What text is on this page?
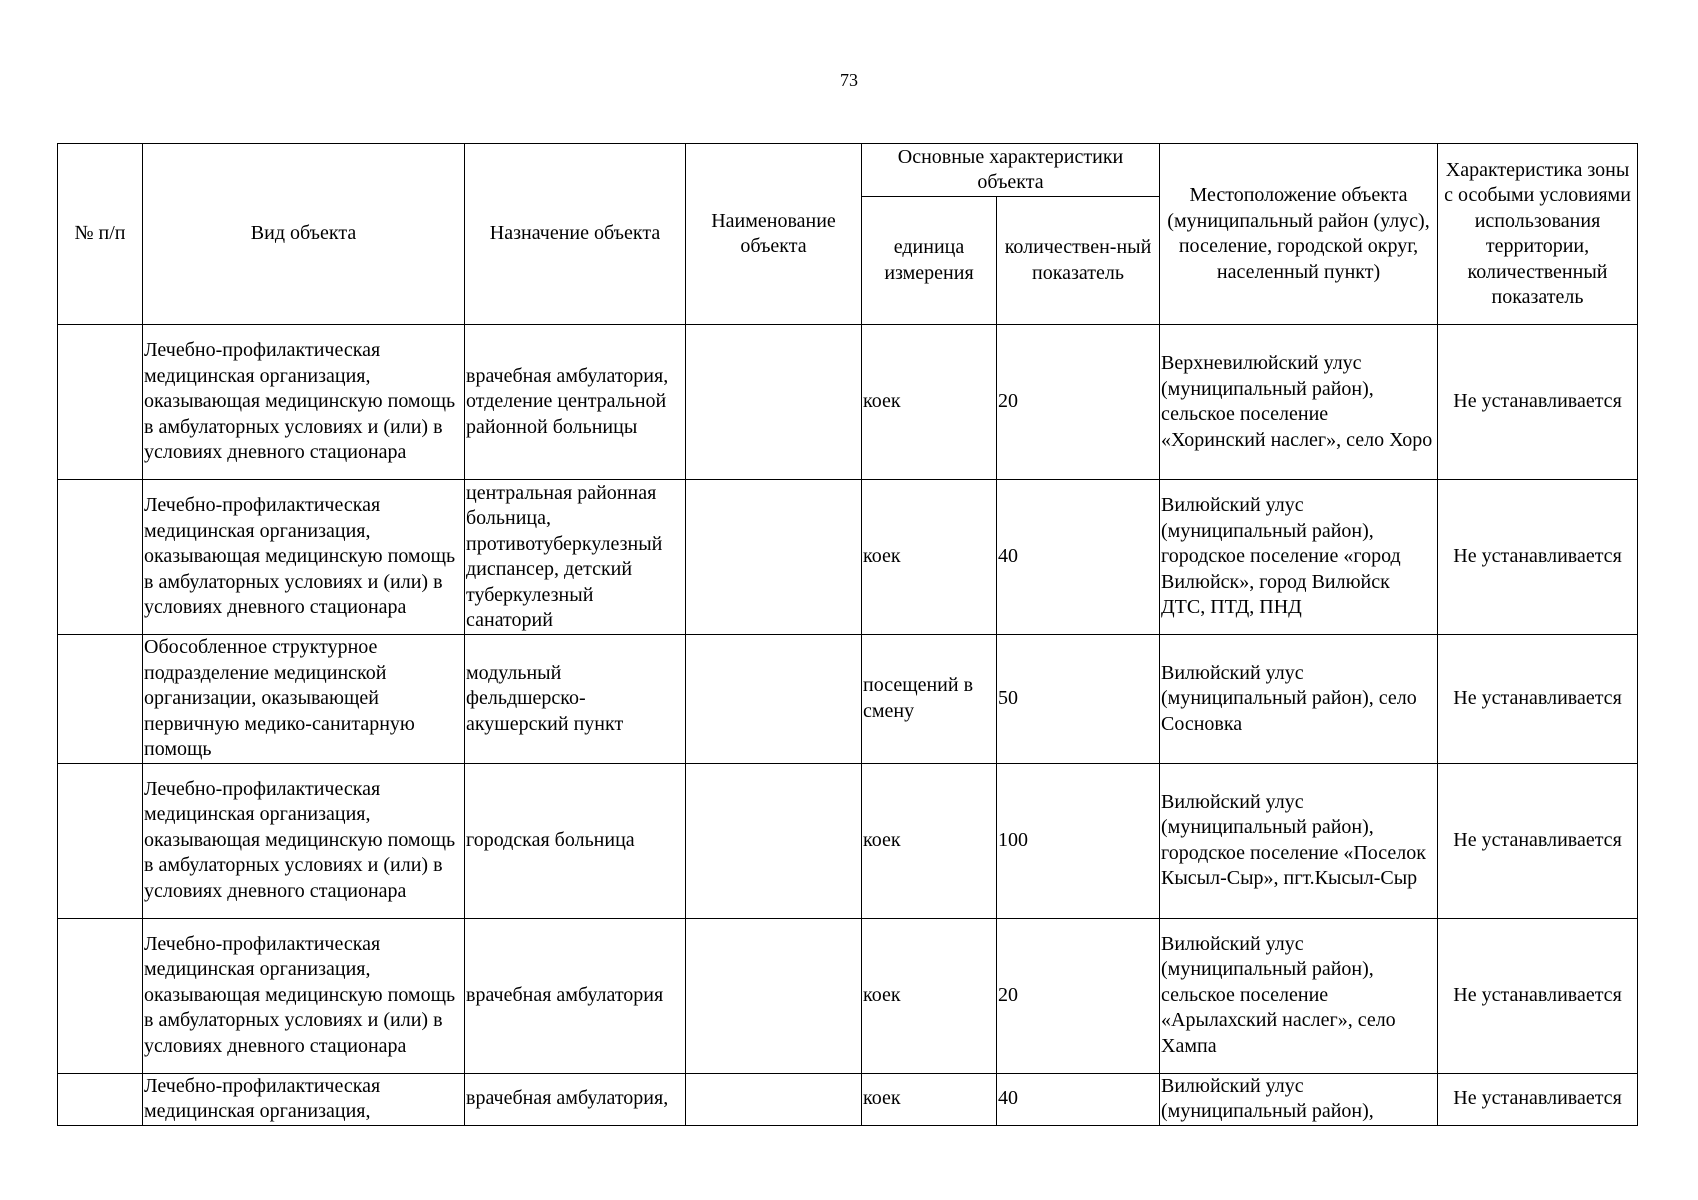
73
№ п/п	Вид объекта	Назначение объекта	Наименование объекта	Основные характеристики объекта		Местоположение объекта (муниципальный район (улус), поселение, городской округ, населенный пункт)	Характеристика зоны с особыми условиями использования территории, количественный показатель
				единица измерения	количествен-ный показатель		
	Лечебно-профилактическая медицинская организация, оказывающая медицинскую помощь в амбулаторных условиях и (или) в условиях дневного стационара	врачебная амбулатория, отделение центральной районной больницы		коек	20	Верхневилюйский улус (муниципальный район), сельское поселение «Хоринский наслег», село Хоро	Не устанавливается
	Лечебно-профилактическая медицинская организация, оказывающая медицинскую помощь в амбулаторных условиях и (или) в условиях дневного стационара	центральная районная больница, противотуберкулезный диспансер, детский туберкулезный санаторий		коек	40	Вилюйский улус (муниципальный район), городское поселение «город Вилюйск», город Вилюйск ДТС, ПТД, ПНД	Не устанавливается
	Обособленное структурное подразделение медицинской организации, оказывающей первичную медико-санитарную помощь	модульный фельдшерско-акушерский пункт		посещений в смену	50	Вилюйский улус (муниципальный район), село Сосновка	Не устанавливается
	Лечебно-профилактическая медицинская организация, оказывающая медицинскую помощь в амбулаторных условиях и (или) в условиях дневного стационара	городская больница		коек	100	Вилюйский улус (муниципальный район), городское поселение «Поселок Кысыл-Сыр», пгт.Кысыл-Сыр	Не устанавливается
	Лечебно-профилактическая медицинская организация, оказывающая медицинскую помощь в амбулаторных условиях и (или) в условиях дневного стационара	врачебная амбулатория		коек	20	Вилюйский улус (муниципальный район), сельское поселение «Арылахский наслег», село Хампа	Не устанавливается
	Лечебно-профилактическая медицинская организация,	врачебная амбулатория,		коек	40	Вилюйский улус (муниципальный район),	Не устанавливается
